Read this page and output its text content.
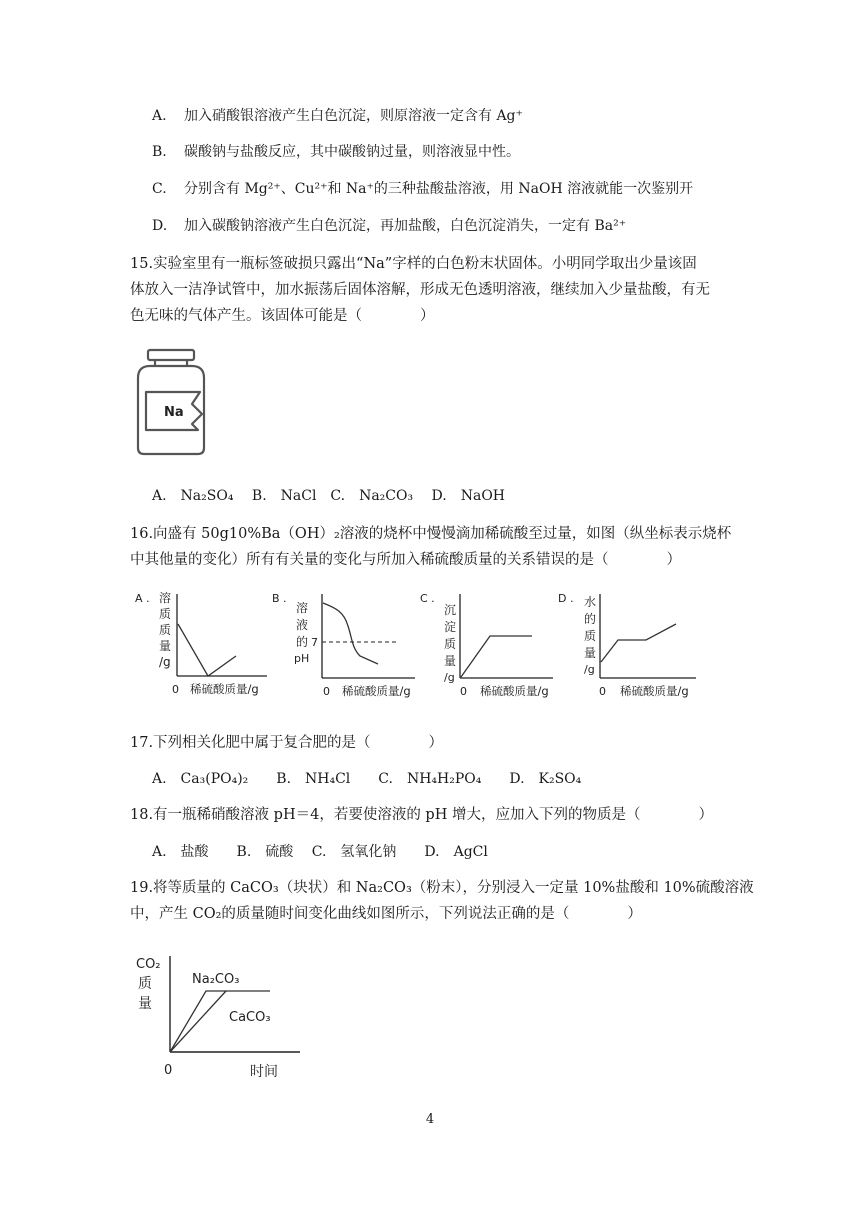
A. 加入硝酸银溶液产生白色沉淀，则原溶液一定含有 Ag⁺
B. 碳酸钠与盐酸反应，其中碳酸钠过量，则溶液显中性。
C. 分别含有 Mg²⁺、Cu²⁺和 Na⁺的三种盐酸盐溶液，用 NaOH 溶液就能一次鉴别开
D. 加入碳酸钠溶液产生白色沉淀，再加盐酸，白色沉淀消失，一定有 Ba²⁺
15.实验室里有一瓶标签破损只露出“Na”字样的白色粉末状固体。小明同学取出少量该固
体放入一洁净试管中，加水振荡后固体溶解，形成无色透明溶液，继续加入少量盐酸，有无
色无味的气体产生。该固体可能是（　　　　）
Na
A.　Na₂SO₄　 B.　NaCl　C.　Na₂CO₃　 D.　NaOH
16.向盛有 50g10%Ba（OH）₂溶液的烧杯中慢慢滴加稀硫酸至过量，如图（纵坐标表示烧杯
中其他量的变化）所有有关量的变化与所加入稀硫酸质量的关系错误的是（　　　　）
A . 溶
质
质
量
/g
0 稀硫酸质量/g
B .
溶
液
的
pH
7
0 稀硫酸质量/g
C .
沉
淀
质
量
/g
0 稀硫酸质量/g
D . 水
的
质
量
/g
0 稀硫酸质量/g
17.下列相关化肥中属于复合肥的是（　　　　）
A.　Ca₃(PO₄)₂　　B.　NH₄Cl　　C.　NH₄H₂PO₄　　D.　K₂SO₄
18.有一瓶稀硝酸溶液 pH＝4，若要使溶液的 pH 增大，应加入下列的物质是（　　　　）
A.　盐酸　　B.　硫酸　 C.　氢氧化钠　　D.　AgCl
19.将等质量的 CaCO₃（块状）和 Na₂CO₃（粉末），分别浸入一定量 10%盐酸和 10%硫酸溶液
中，产生 CO₂的质量随时间变化曲线如图所示，下列说法正确的是（　　　　）
CO₂
质
量
Na₂CO₃
CaCO₃
0	时间
4
